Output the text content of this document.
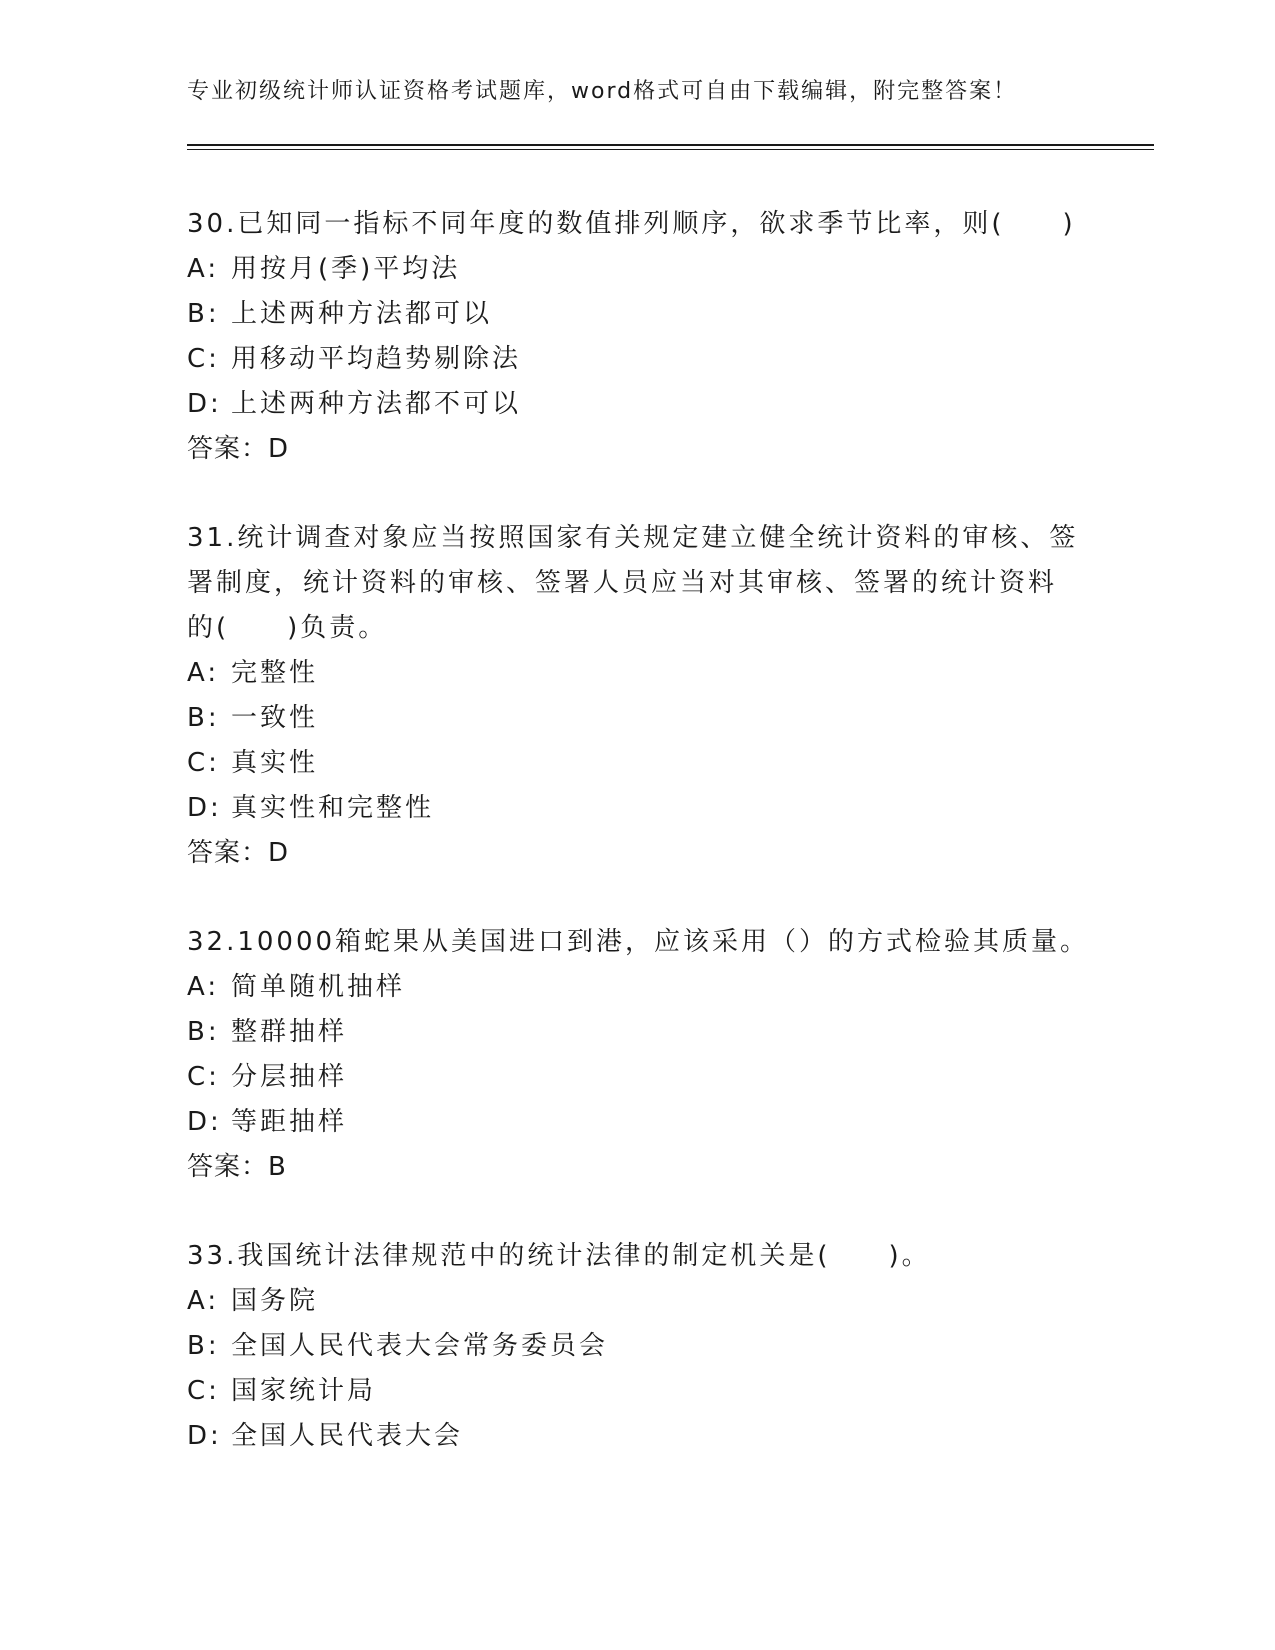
专业初级统计师认证资格考试题库，word格式可自由下载编辑，附完整答案！
30.已知同一指标不同年度的数值排列顺序，欲求季节比率，则(　　)
A: 用按月(季)平均法
B: 上述两种方法都可以
C: 用移动平均趋势剔除法
D: 上述两种方法都不可以
答案：D
31.统计调查对象应当按照国家有关规定建立健全统计资料的审核、签
署制度，统计资料的审核、签署人员应当对其审核、签署的统计资料
的(　　)负责。
A: 完整性
B: 一致性
C: 真实性
D: 真实性和完整性
答案：D
32.10000箱蛇果从美国进口到港，应该采用（）的方式检验其质量。
A: 简单随机抽样
B: 整群抽样
C: 分层抽样
D: 等距抽样
答案：B
33.我国统计法律规范中的统计法律的制定机关是(　　)。
A: 国务院
B: 全国人民代表大会常务委员会
C: 国家统计局
D: 全国人民代表大会
